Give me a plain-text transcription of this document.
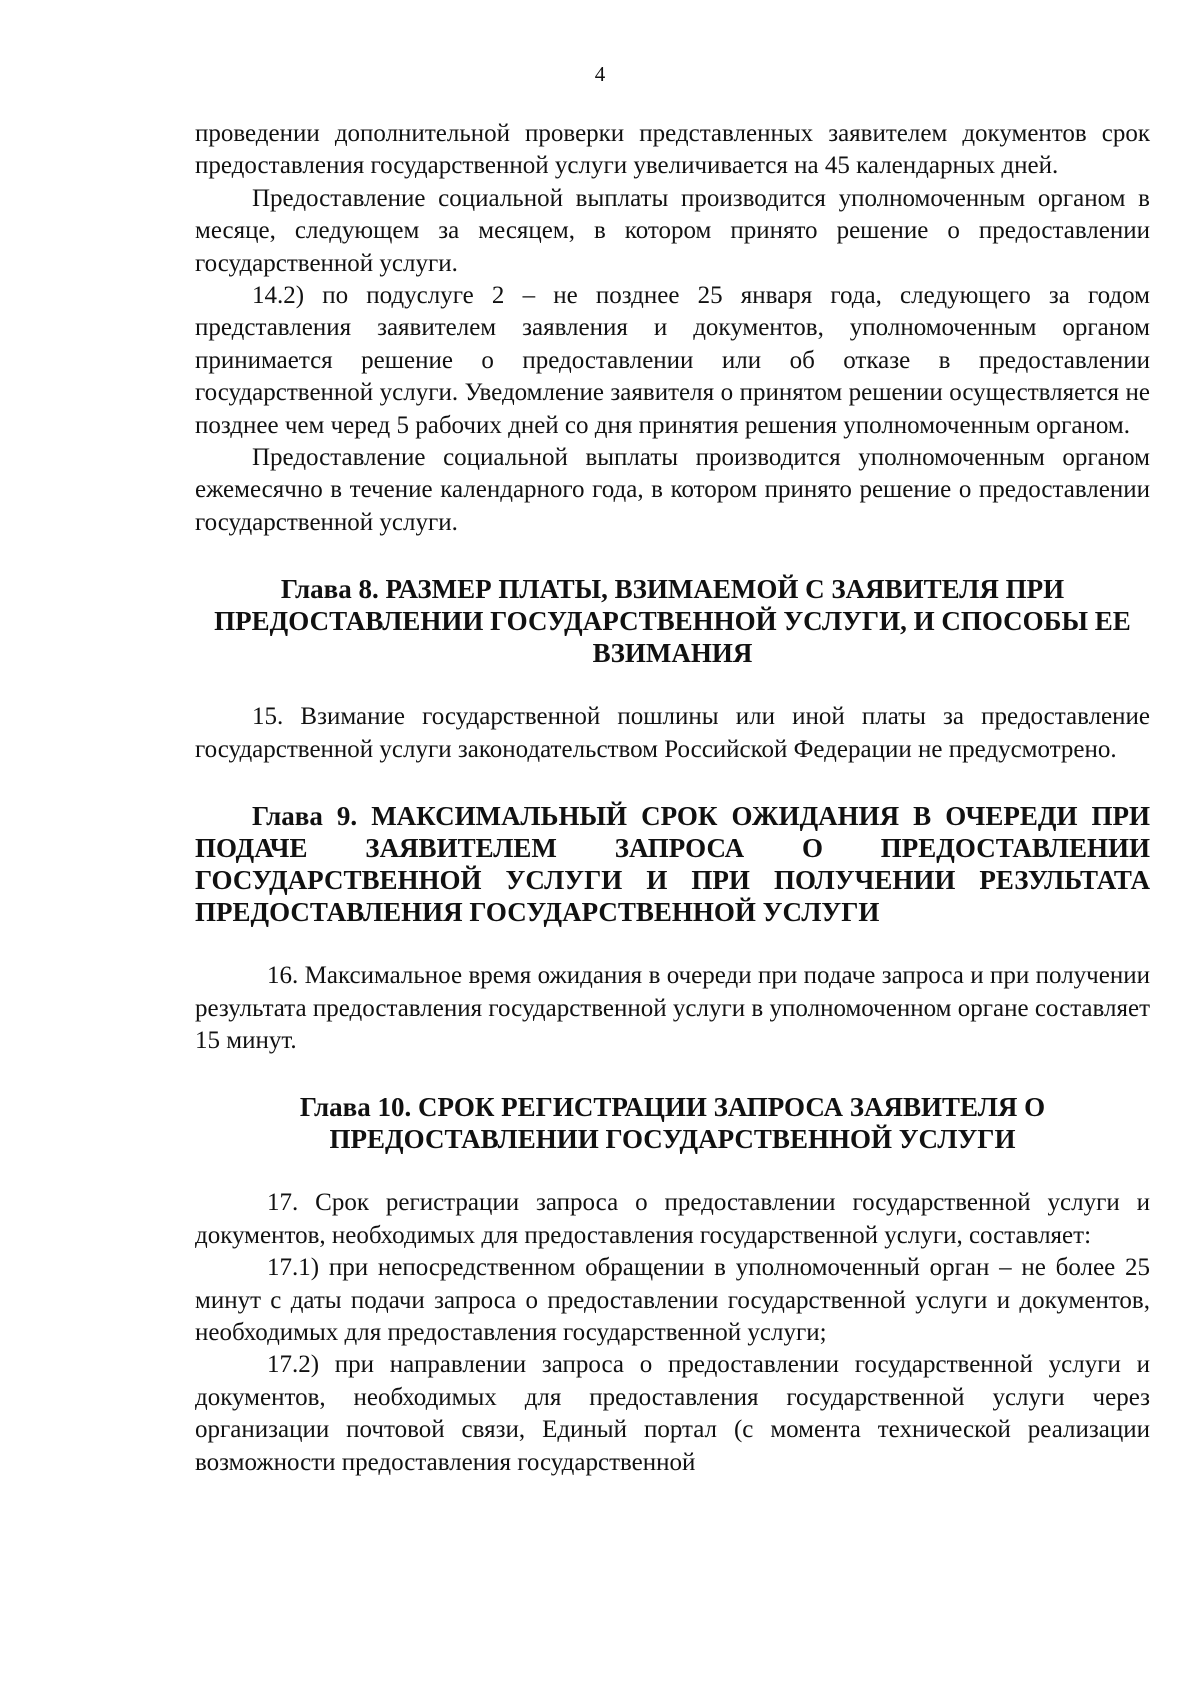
4

проведении дополнительной проверки представленных заявителем документов срок предоставления государственной услуги увеличивается на 45 календарных дней.

Предоставление социальной выплаты производится уполномоченным органом в месяце, следующем за месяцем, в котором принято решение о предоставлении государственной услуги.

14.2) по подуслуге 2 – не позднее 25 января года, следующего за годом представления заявителем заявления и документов, уполномоченным органом принимается решение о предоставлении или об отказе в предоставлении государственной услуги. Уведомление заявителя о принятом решении осуществляется не позднее чем черед 5 рабочих дней со дня принятия решения уполномоченным органом.

Предоставление социальной выплаты производится уполномоченным органом ежемесячно в течение календарного года, в котором принято решение о предоставлении государственной услуги.

Глава 8. РАЗМЕР ПЛАТЫ, ВЗИМАЕМОЙ С ЗАЯВИТЕЛЯ ПРИ ПРЕДОСТАВЛЕНИИ ГОСУДАРСТВЕННОЙ УСЛУГИ, И СПОСОБЫ ЕЕ ВЗИМАНИЯ

15. Взимание государственной пошлины или иной платы за предоставление государственной услуги законодательством Российской Федерации не предусмотрено.

Глава 9. МАКСИМАЛЬНЫЙ СРОК ОЖИДАНИЯ В ОЧЕРЕДИ ПРИ ПОДАЧЕ ЗАЯВИТЕЛЕМ ЗАПРОСА О ПРЕДОСТАВЛЕНИИ ГОСУДАРСТВЕННОЙ УСЛУГИ И ПРИ ПОЛУЧЕНИИ РЕЗУЛЬТАТА ПРЕДОСТАВЛЕНИЯ ГОСУДАРСТВЕННОЙ УСЛУГИ

16. Максимальное время ожидания в очереди при подаче запроса и при получении результата предоставления государственной услуги в уполномоченном органе составляет 15 минут.

Глава 10. СРОК РЕГИСТРАЦИИ ЗАПРОСА ЗАЯВИТЕЛЯ О ПРЕДОСТАВЛЕНИИ ГОСУДАРСТВЕННОЙ УСЛУГИ

17. Срок регистрации запроса о предоставлении государственной услуги и документов, необходимых для предоставления государственной услуги, составляет:

17.1) при непосредственном обращении в уполномоченный орган – не более 25 минут с даты подачи запроса о предоставлении государственной услуги и документов, необходимых для предоставления государственной услуги;

17.2) при направлении запроса о предоставлении государственной услуги и документов, необходимых для предоставления государственной услуги через организации почтовой связи, Единый портал (с момента технической реализации возможности предоставления государственной
